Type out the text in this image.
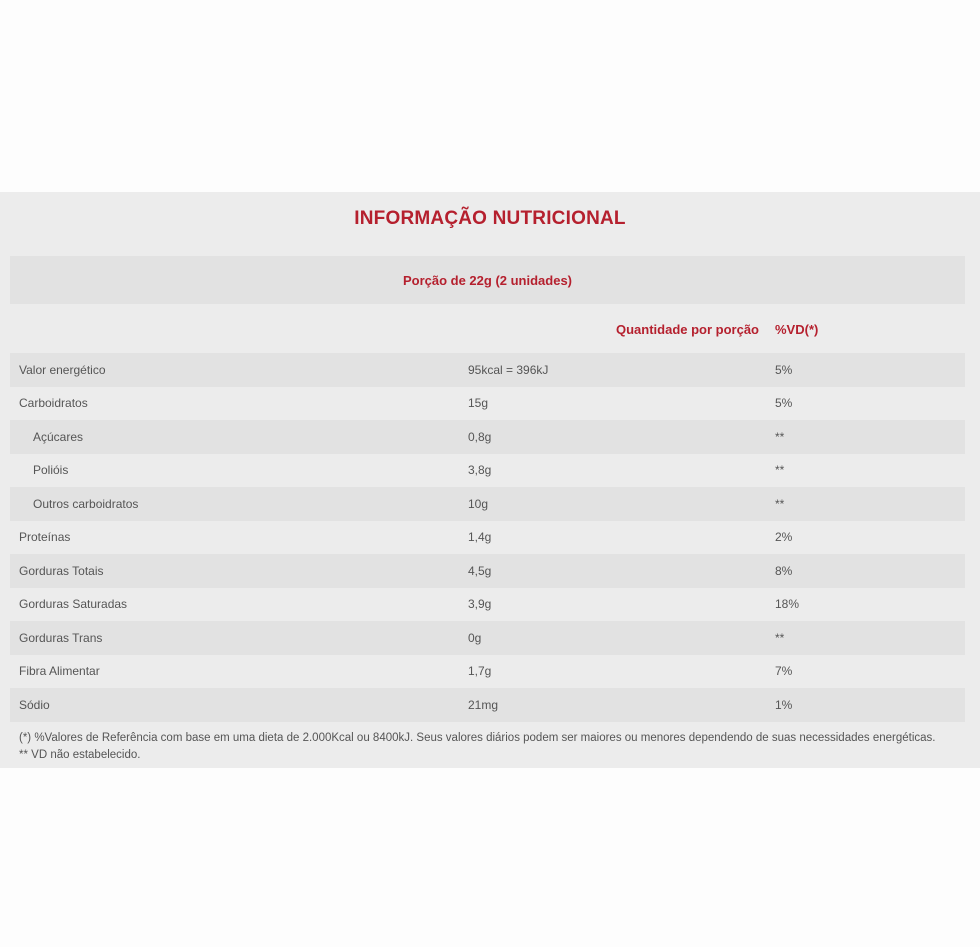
INFORMAÇÃO NUTRICIONAL
Porção de 22g (2 unidades)
Quantidade por porção %VD(*)
Valor energético	95kcal = 396kJ	5%
Carboidratos	15g	5%
Açúcares	0,8g	**
Polióis	3,8g	**
Outros carboidratos	10g	**
Proteínas	1,4g	2%
Gorduras Totais	4,5g	8%
Gorduras Saturadas	3,9g	18%
Gorduras Trans	0g	**
Fibra Alimentar	1,7g	7%
Sódio	21mg	1%
(*) %Valores de Referência com base em uma dieta de 2.000Kcal ou 8400kJ. Seus valores diários podem ser maiores ou menores dependendo de suas necessidades energéticas. ** VD não estabelecido.
